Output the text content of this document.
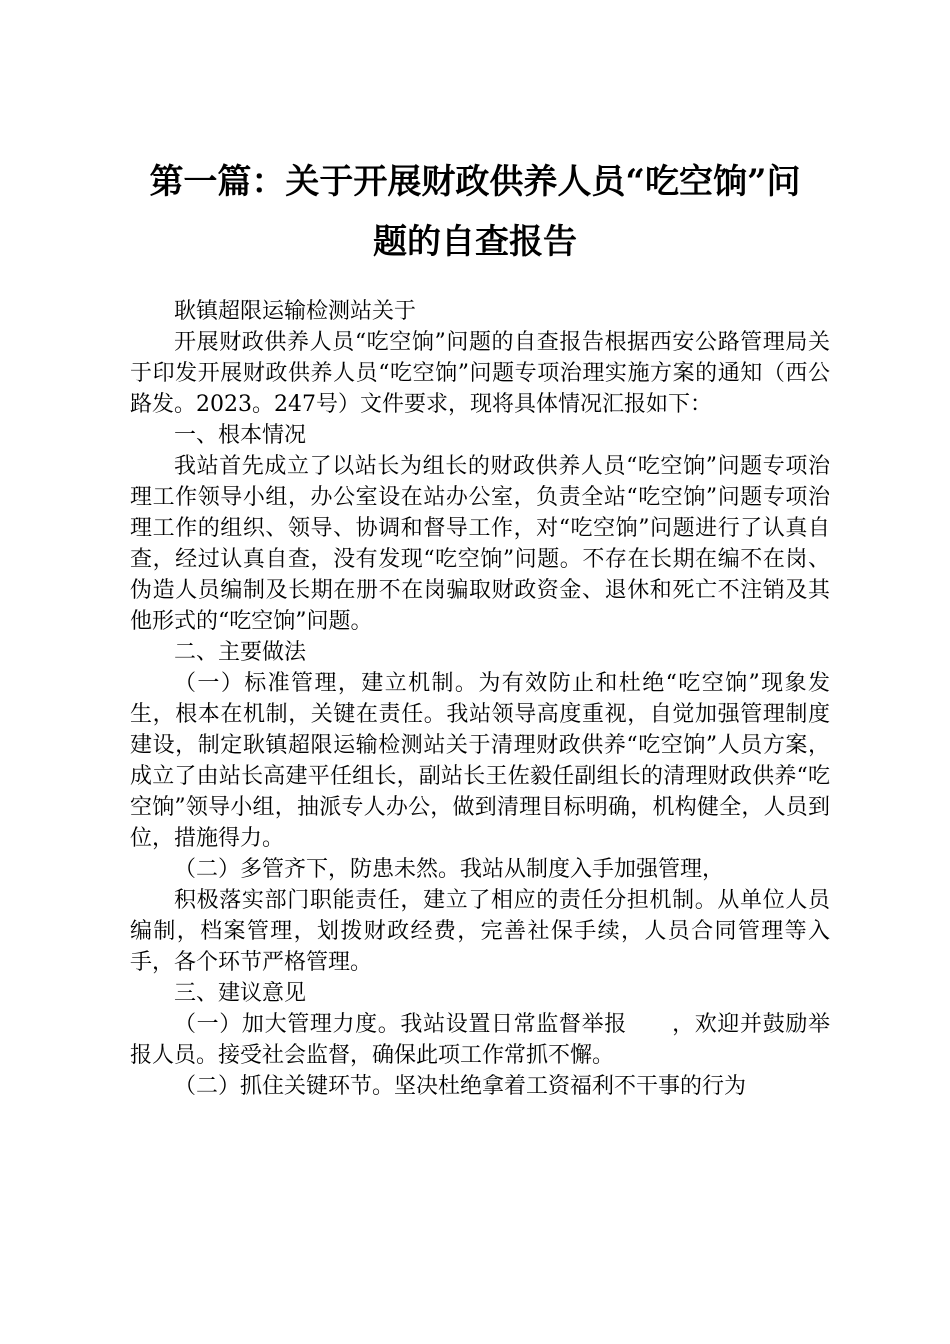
第一篇：关于开展财政供养人员“吃空饷”问
题的自查报告

耿镇超限运输检测站关于

开展财政供养人员“吃空饷”问题的自查报告根据西安公路管理局关于印发开展财政供养人员“吃空饷”问题专项治理实施方案的通知（西公路发。2023。247号）文件要求，现将具体情况汇报如下：

一、根本情况

我站首先成立了以站长为组长的财政供养人员“吃空饷”问题专项治理工作领导小组，办公室设在站办公室，负责全站“吃空饷”问题专项治理工作的组织、领导、协调和督导工作，对“吃空饷”问题进行了认真自查，经过认真自查，没有发现“吃空饷”问题。不存在长期在编不在岗、伪造人员编制及长期在册不在岗骗取财政资金、退休和死亡不注销及其他形式的“吃空饷”问题。

二、主要做法

（一）标准管理，建立机制。为有效防止和杜绝“吃空饷”现象发生，根本在机制，关键在责任。我站领导高度重视，自觉加强管理制度建设，制定耿镇超限运输检测站关于清理财政供养“吃空饷”人员方案，成立了由站长高建平任组长，副站长王佐毅任副组长的清理财政供养“吃空饷”领导小组，抽派专人办公，做到清理目标明确，机构健全，人员到位，措施得力。

（二）多管齐下，防患未然。我站从制度入手加强管理，

积极落实部门职能责任，建立了相应的责任分担机制。从单位人员编制，档案管理，划拨财政经费，完善社保手续，人员合同管理等入手，各个环节严格管理。

三、建议意见

（一）加大管理力度。我站设置日常监督举报　　，欢迎并鼓励举报人员。接受社会监督，确保此项工作常抓不懈。

（二）抓住关键环节。坚决杜绝拿着工资福利不干事的行为
